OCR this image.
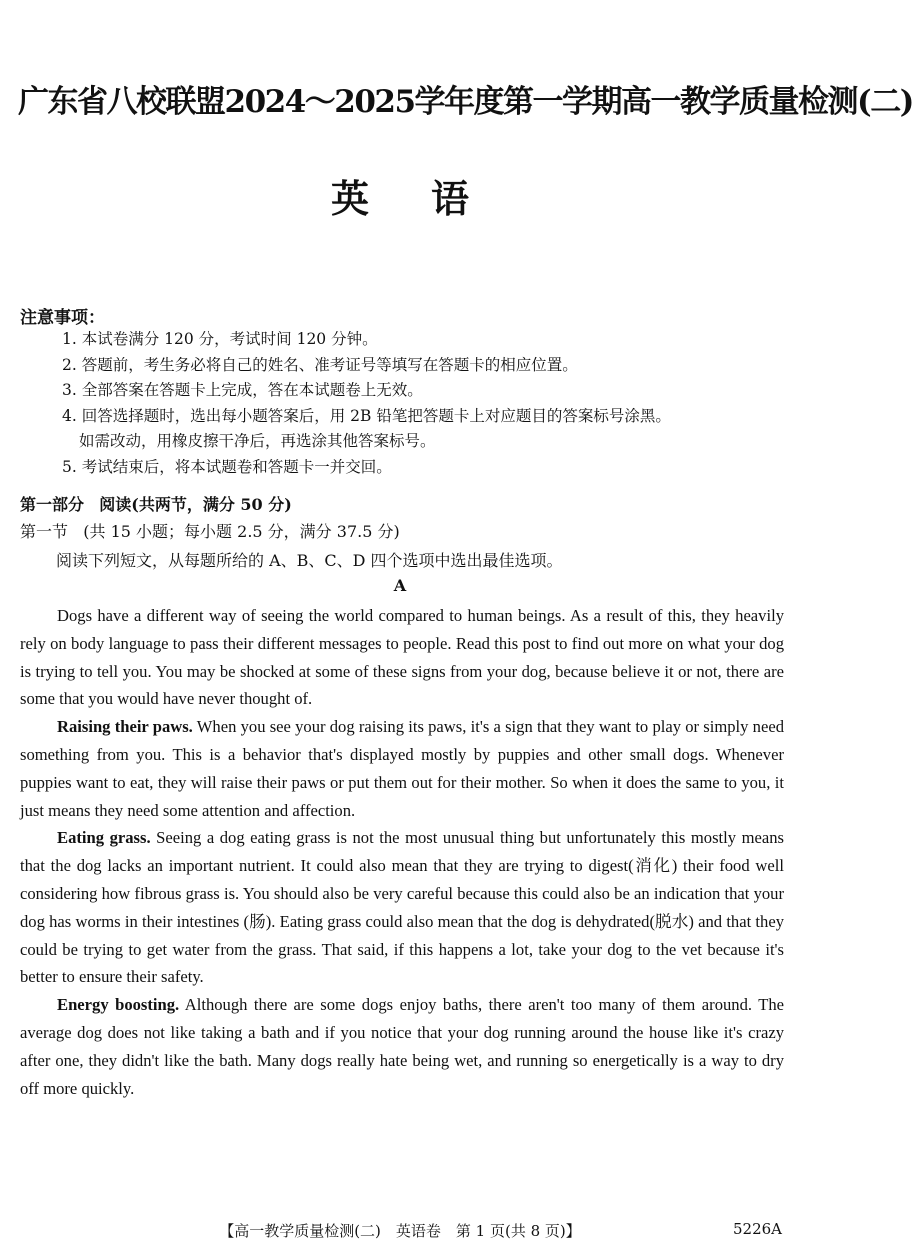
广东省八校联盟2024～2025学年度第一学期高一教学质量检测(二)
英语
注意事项：
1. 本试卷满分 120 分，考试时间 120 分钟。
2. 答题前，考生务必将自己的姓名、准考证号等填写在答题卡的相应位置。
3. 全部答案在答题卡上完成，答在本试题卷上无效。
4. 回答选择题时，选出每小题答案后，用 2B 铅笔把答题卡上对应题目的答案标号涂黑。
如需改动，用橡皮擦干净后，再选涂其他答案标号。
5. 考试结束后，将本试题卷和答题卡一并交回。
第一部分 阅读(共两节，满分 50 分)
第一节 (共 15 小题；每小题 2.5 分，满分 37.5 分)
阅读下列短文，从每题所给的 A、B、C、D 四个选项中选出最佳选项。
A

Dogs have a different way of seeing the world compared to human beings. As a result of this, they heavily rely on body language to pass their different messages to people. Read this post to find out more on what your dog is trying to tell you. You may be shocked at some of these signs from your dog, because believe it or not, there are some that you would have never thought of.

Raising their paws. When you see your dog raising its paws, it's a sign that they want to play or simply need something from you. This is a behavior that's displayed mostly by puppies and other small dogs. Whenever puppies want to eat, they will raise their paws or put them out for their mother. So when it does the same to you, it just means they need some attention and affection.

Eating grass. Seeing a dog eating grass is not the most unusual thing but unfortunately this mostly means that the dog lacks an important nutrient. It could also mean that they are trying to digest(消化) their food well considering how fibrous grass is. You should also be very careful because this could also be an indication that your dog has worms in their intestines (肠). Eating grass could also mean that the dog is dehydrated(脱水) and that they could be trying to get water from the grass. That said, if this happens a lot, take your dog to the vet because it's better to ensure their safety.

Energy boosting. Although there are some dogs enjoy baths, there aren't too many of them around. The average dog does not like taking a bath and if you notice that your dog running around the house like it's crazy after one, they didn't like the bath. Many dogs really hate being wet, and running so energetically is a way to dry off more quickly.

【高一教学质量检测(二)　英语卷　第 1 页(共 8 页)】	5226A
